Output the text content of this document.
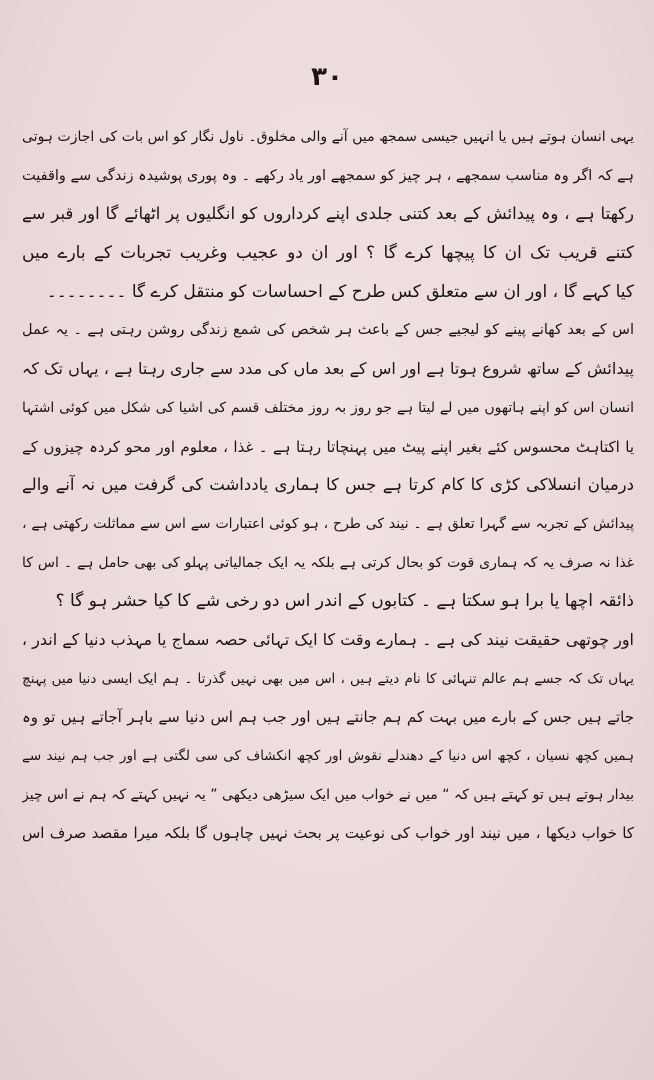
۳۰
یہی انسان ہوتے ہیں یا انہیں جیسی سمجھ میں آنے والی مخلوق۔ ناول نگار کو اس بات کی اجازت ہوتی
ہے کہ اگر وہ مناسب سمجھے ، ہر چیز کو سمجھے اور یاد رکھے ۔ وہ پوری پوشیدہ زندگی سے واقفیت
رکھتا ہے ، وہ پیدائش کے بعد کتنی جلدی اپنے کرداروں کو انگلیوں پر اٹھائے گا اور قبر سے
کتنے قریب تک ان کا پیچھا کرے گا ؟ اور ان دو عجیب وغریب تجربات کے بارے میں
کیا کہے گا ، اور ان سے متعلق کس طرح کے احساسات کو منتقل کرے گا ۔۔۔۔۔۔۔۔
اس کے بعد کھانے پینے کو لیجیے جس کے باعث ہر شخص کی شمع زندگی روشن رہتی ہے ۔ یہ عمل
پیدائش کے ساتھ شروع ہوتا ہے اور اس کے بعد ماں کی مدد سے جاری رہتا ہے ، یہاں تک کہ
انسان اس کو اپنے ہاتھوں میں لے لیتا ہے جو روز بہ روز مختلف قسم کی اشیا کی شکل میں کوئی اشتہا
یا اکتاہٹ محسوس کئے بغیر اپنے پیٹ میں پہنچاتا رہتا ہے ۔ غذا ، معلوم اور محو کردہ چیزوں کے
درمیان انسلاکی کڑی کا کام کرتا ہے جس کا ہماری یادداشت کی گرفت میں نہ آنے والے
پیدائش کے تجربہ سے گہرا تعلق ہے ۔ نیند کی طرح ، ہو کوئی اعتبارات سے اس سے مماثلت رکھتی ہے ،
غذا نہ صرف یہ کہ ہماری قوت کو بحال کرتی ہے بلکہ یہ ایک جمالیاتی پہلو کی بھی حامل ہے ۔ اس کا
ذائقہ اچھا یا برا ہو سکتا ہے ۔ کتابوں کے اندر اس دو رخی شے کا کیا حشر ہو گا ؟
اور چوتھی حقیقت نیند کی ہے ۔ ہمارے وقت کا ایک تہائی حصہ سماج یا مہذب دنیا کے اندر ،
یہاں تک کہ جسے ہم عالم تنہائی کا نام دیتے ہیں ، اس میں بھی نہیں گذرتا ۔ ہم ایک ایسی دنیا میں پہنچ
جاتے ہیں جس کے بارے میں بہت کم ہم جانتے ہیں اور جب ہم اس دنیا سے باہر آجاتے ہیں تو وہ
ہمیں کچھ نسیان ، کچھ اس دنیا کے دھندلے نقوش اور کچھ انکشاف کی سی لگتی ہے اور جب ہم نیند سے
بیدار ہوتے ہیں تو کہتے ہیں کہ “ میں نے خواب میں ایک سیڑھی دیکھی ” یہ نہیں کہتے کہ ہم نے اس چیز
کا خواب دیکھا ، میں نیند اور خواب کی نوعیت پر بحث نہیں چاہوں گا بلکہ میرا مقصد صرف اس
